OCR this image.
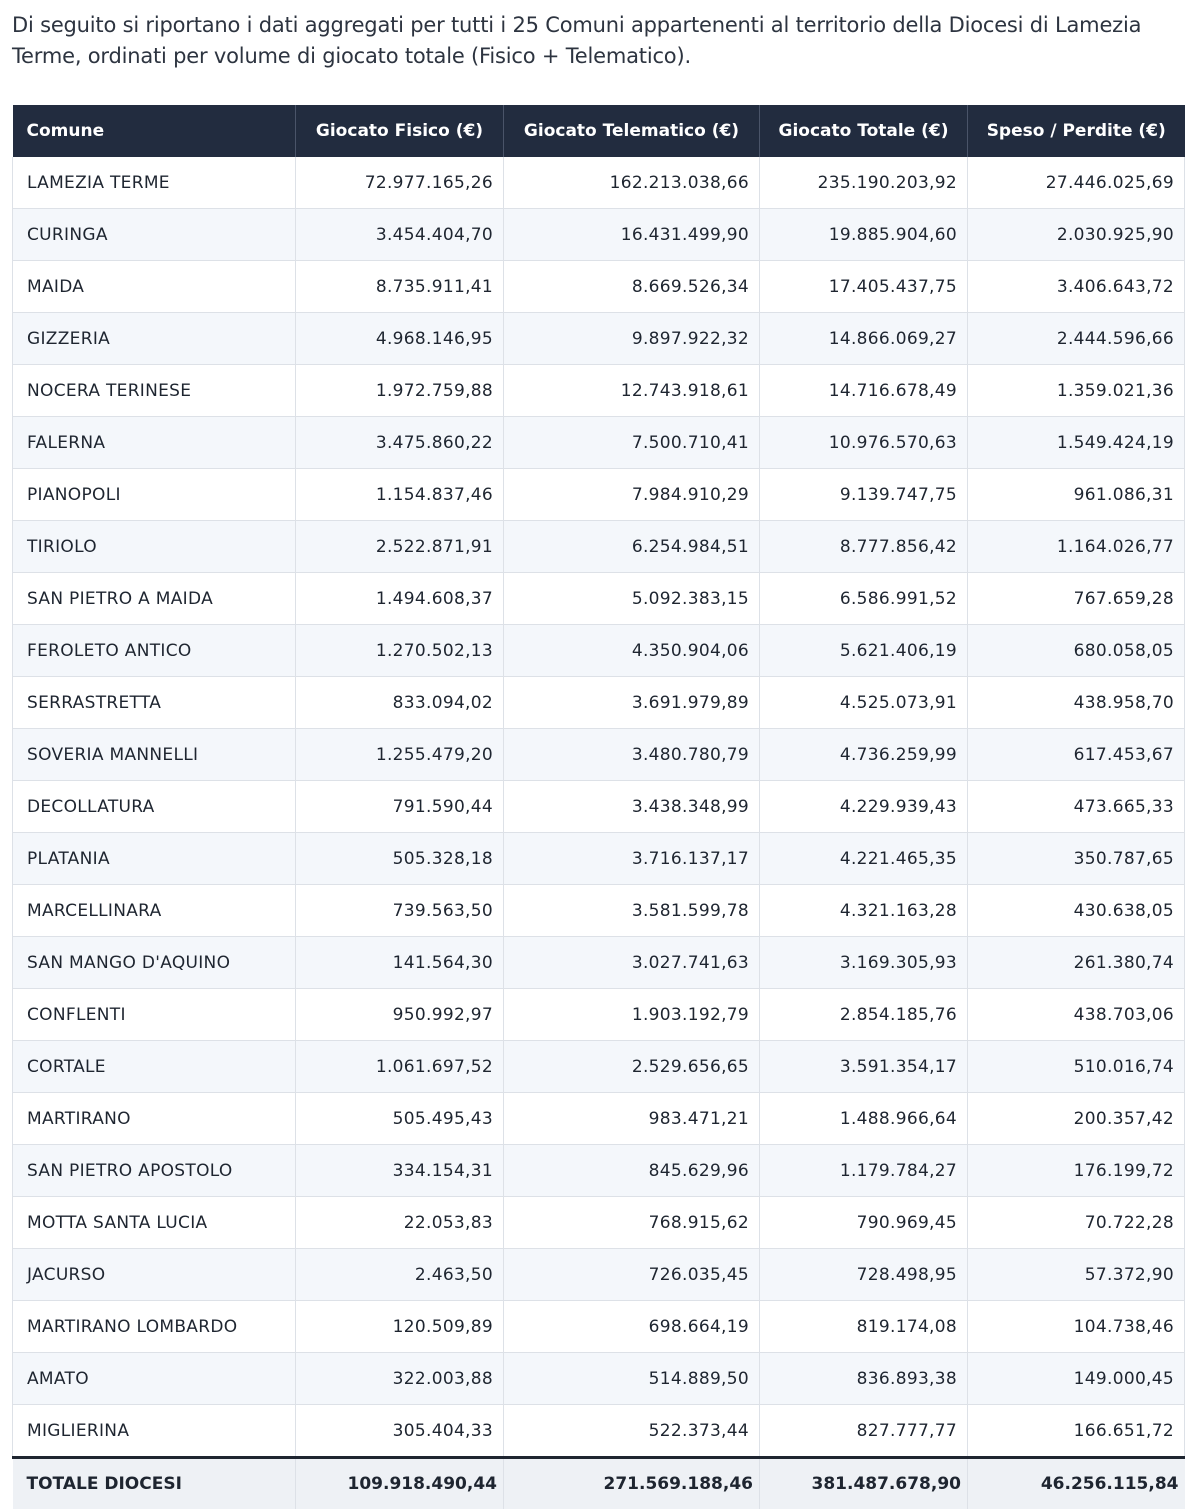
Di seguito si riportano i dati aggregati per tutti i 25 Comuni appartenenti al territorio della Diocesi di Lamezia Terme, ordinati per volume di giocato totale (Fisico + Telematico).

Comune	Giocato Fisico (€)	Giocato Telematico (€)	Giocato Totale (€)	Speso / Perdite (€)
LAMEZIA TERME	72.977.165,26	162.213.038,66	235.190.203,92	27.446.025,69
CURINGA	3.454.404,70	16.431.499,90	19.885.904,60	2.030.925,90
MAIDA	8.735.911,41	8.669.526,34	17.405.437,75	3.406.643,72
GIZZERIA	4.968.146,95	9.897.922,32	14.866.069,27	2.444.596,66
NOCERA TERINESE	1.972.759,88	12.743.918,61	14.716.678,49	1.359.021,36
FALERNA	3.475.860,22	7.500.710,41	10.976.570,63	1.549.424,19
PIANOPOLI	1.154.837,46	7.984.910,29	9.139.747,75	961.086,31
TIRIOLO	2.522.871,91	6.254.984,51	8.777.856,42	1.164.026,77
SAN PIETRO A MAIDA	1.494.608,37	5.092.383,15	6.586.991,52	767.659,28
FEROLETO ANTICO	1.270.502,13	4.350.904,06	5.621.406,19	680.058,05
SERRASTRETTA	833.094,02	3.691.979,89	4.525.073,91	438.958,70
SOVERIA MANNELLI	1.255.479,20	3.480.780,79	4.736.259,99	617.453,67
DECOLLATURA	791.590,44	3.438.348,99	4.229.939,43	473.665,33
PLATANIA	505.328,18	3.716.137,17	4.221.465,35	350.787,65
MARCELLINARA	739.563,50	3.581.599,78	4.321.163,28	430.638,05
SAN MANGO D'AQUINO	141.564,30	3.027.741,63	3.169.305,93	261.380,74
CONFLENTI	950.992,97	1.903.192,79	2.854.185,76	438.703,06
CORTALE	1.061.697,52	2.529.656,65	3.591.354,17	510.016,74
MARTIRANO	505.495,43	983.471,21	1.488.966,64	200.357,42
SAN PIETRO APOSTOLO	334.154,31	845.629,96	1.179.784,27	176.199,72
MOTTA SANTA LUCIA	22.053,83	768.915,62	790.969,45	70.722,28
JACURSO	2.463,50	726.035,45	728.498,95	57.372,90
MARTIRANO LOMBARDO	120.509,89	698.664,19	819.174,08	104.738,46
AMATO	322.003,88	514.889,50	836.893,38	149.000,45
MIGLIERINA	305.404,33	522.373,44	827.777,77	166.651,72
TOTALE DIOCESI	109.918.490,44	271.569.188,46	381.487.678,90	46.256.115,84
